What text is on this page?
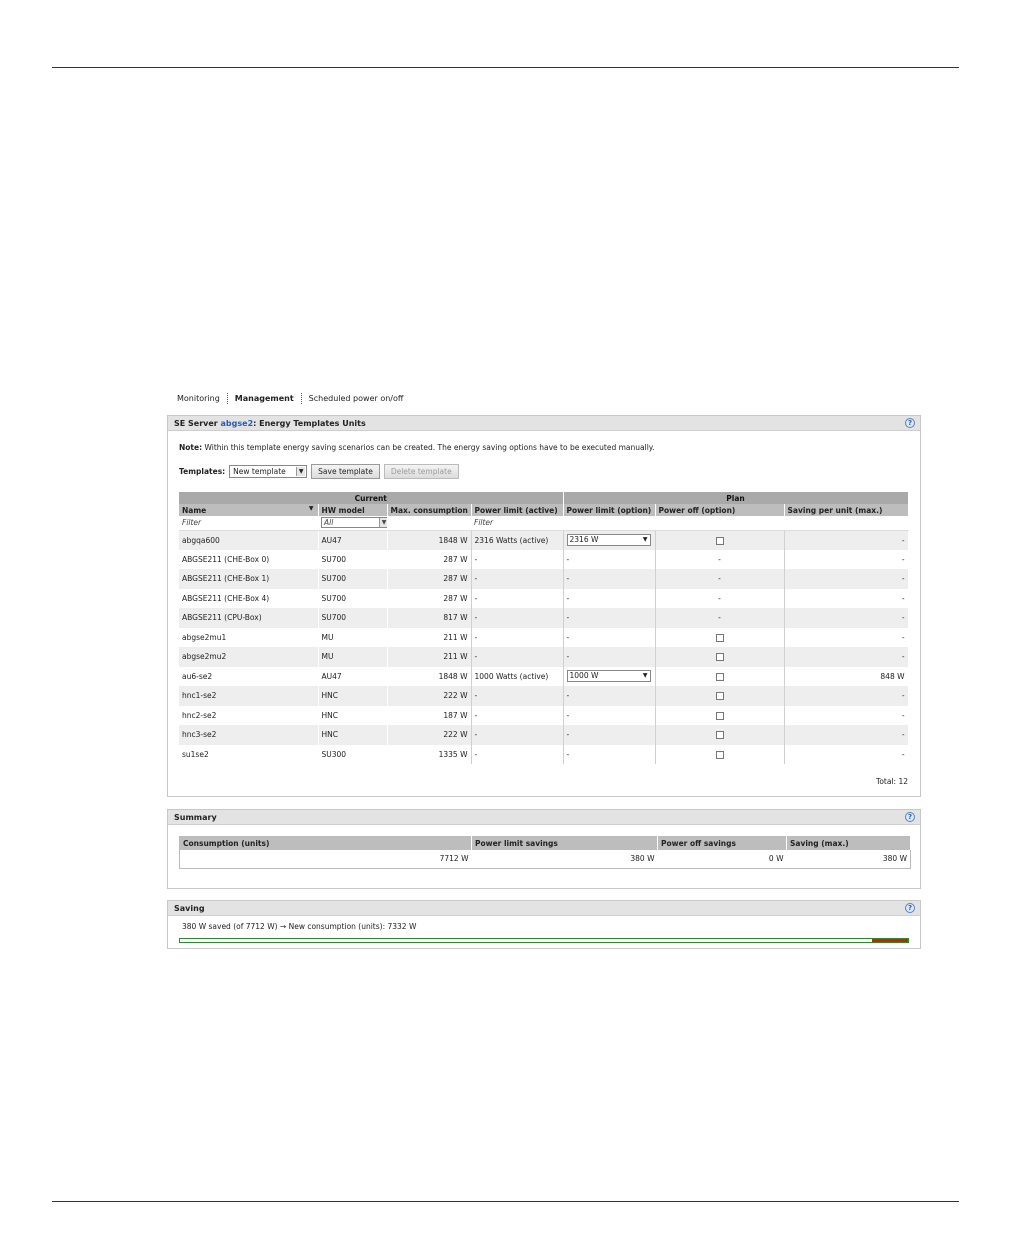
Monitoring	Management	Scheduled power on/off
SE Server
abgse2 : Energy Templates Units	?
Note: Within this template energy saving scenarios can be created. The energy saving options have to be executed manually.
Templates: New template	▼	Save template	Delete template
Current				Plan		
Name ▼	HW model	Max. consumption	Power limit (active)	Power limit (option)	Power off (option)	Saving per unit (max.)
Filter	All ▼		Filter			
abgqa600	AU47	1848 W	2316 Watts (active)	2316 W ▼		-
ABGSE211 (CHE-Box 0)	SU700	287 W	-	-	-	-
ABGSE211 (CHE-Box 1)	SU700	287 W	-	-	-	-
ABGSE211 (CHE-Box 4)	SU700	287 W	-	-	-	-
ABGSE211 (CPU-Box)	SU700	817 W	-	-	-	-
abgse2mu1	MU	211 W	-	-		-
abgse2mu2	MU	211 W	-	-		-
au6-se2	AU47	1848 W	1000 Watts (active)	1000 W ▼		848 W
hnc1-se2	HNC	222 W	-	-		-
hnc2-se2	HNC	187 W	-	-		-
hnc3-se2	HNC	222 W	-	-		-
su1se2	SU300	1335 W	-	-		-
Total: 12
Summary	?
Consumption (units)	Power limit savings	Power off savings	Saving (max.)
7712 W	380 W	0 W	380 W
Saving	?
380 W saved (of 7712 W) → New consumption (units): 7332 W
